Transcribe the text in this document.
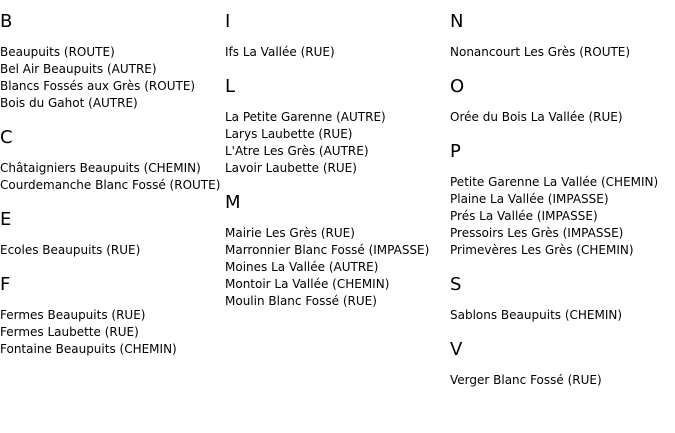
B
Beaupuits (ROUTE)
Bel Air Beaupuits (AUTRE)
Blancs Fossés aux Grès (ROUTE)
Bois du Gahot (AUTRE)
C
Châtaigniers Beaupuits (CHEMIN)
Courdemanche Blanc Fossé (ROUTE)
E
Ecoles Beaupuits (RUE)
F
Fermes Beaupuits (RUE)
Fermes Laubette (RUE)
Fontaine Beaupuits (CHEMIN)
I
Ifs La Vallée (RUE)
L
La Petite Garenne (AUTRE)
Larys Laubette (RUE)
L'Atre Les Grès (AUTRE)
Lavoir Laubette (RUE)
M
Mairie Les Grès (RUE)
Marronnier Blanc Fossé (IMPASSE)
Moines La Vallée (AUTRE)
Montoir La Vallée (CHEMIN)
Moulin Blanc Fossé (RUE)
N
Nonancourt Les Grès (ROUTE)
O
Orée du Bois La Vallée (RUE)
P
Petite Garenne La Vallée (CHEMIN)
Plaine La Vallée (IMPASSE)
Prés La Vallée (IMPASSE)
Pressoirs Les Grès (IMPASSE)
Primevères Les Grès (CHEMIN)
S
Sablons Beaupuits (CHEMIN)
V
Verger Blanc Fossé (RUE)
